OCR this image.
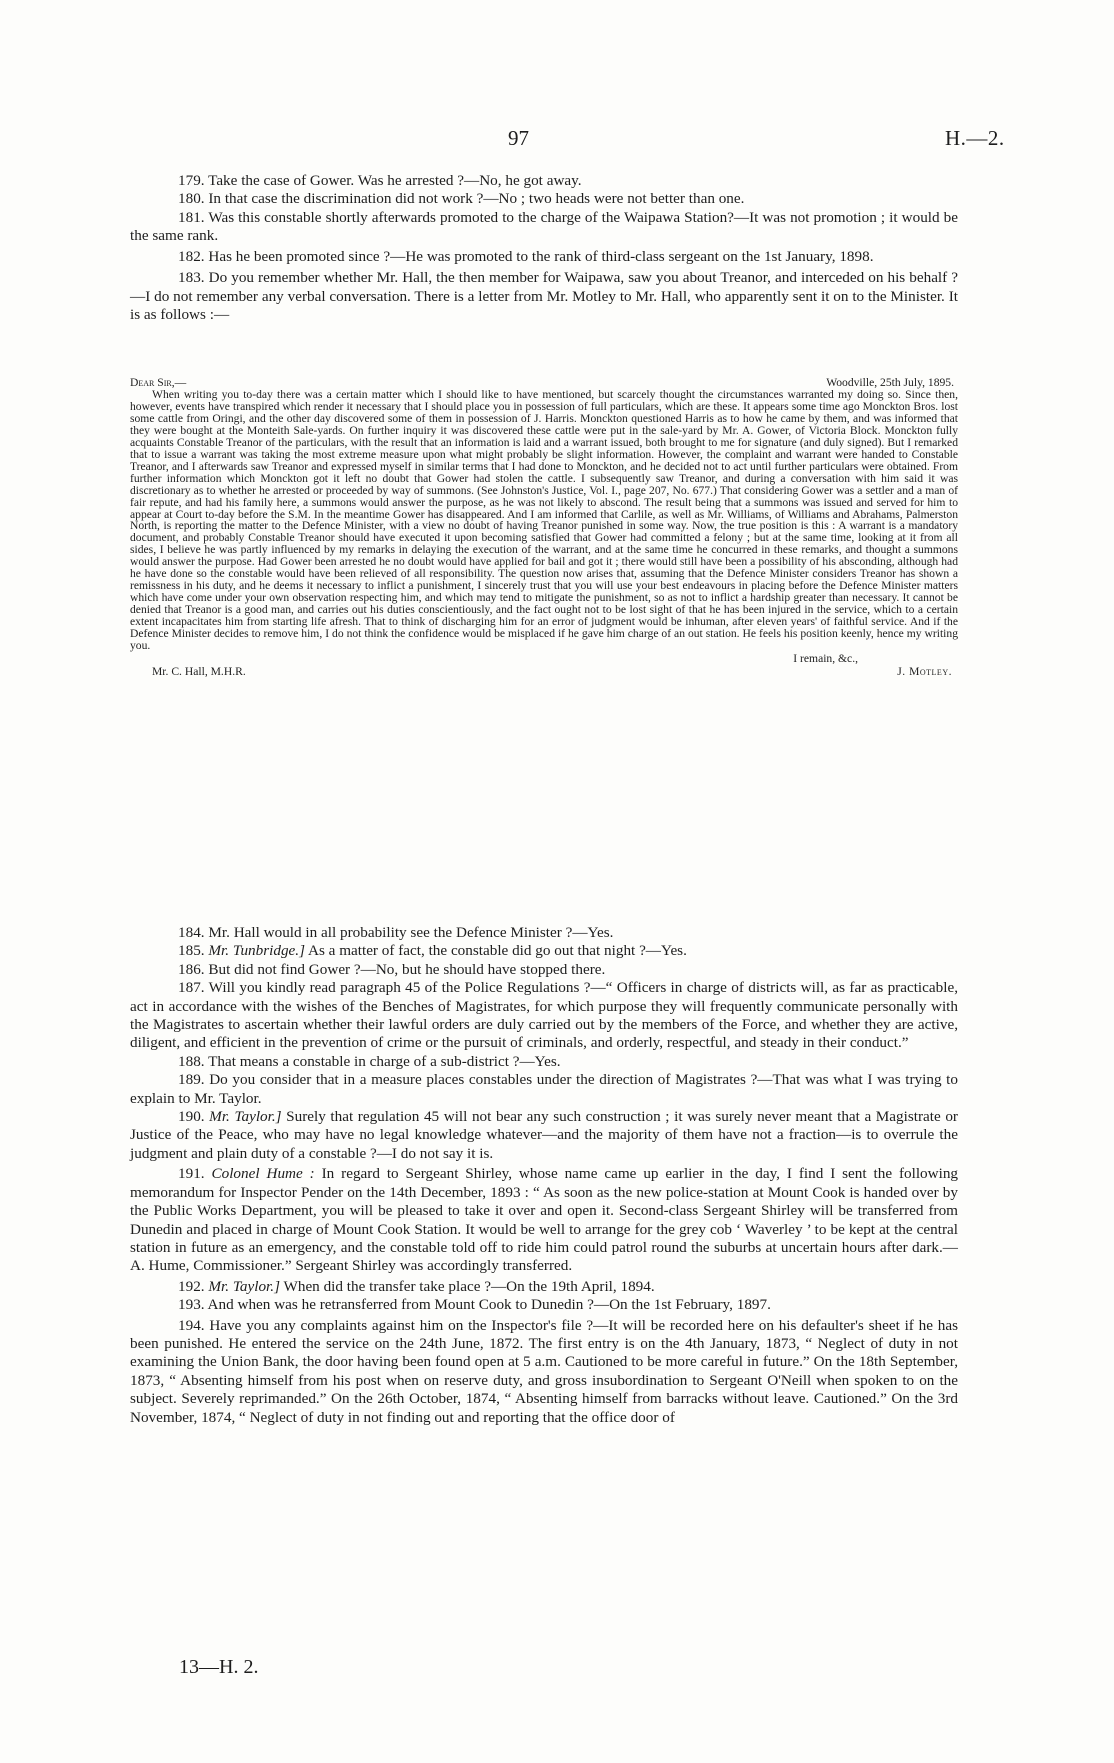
97	H.—2.

179. Take the case of Gower. Was he arrested ?—No, he got away.

180. In that case the discrimination did not work ?—No ; two heads were not better than one.

181. Was this constable shortly afterwards promoted to the charge of the Waipawa Station?—It was not promotion ; it would be the same rank.

182. Has he been promoted since ?—He was promoted to the rank of third-class sergeant on the 1st January, 1898.

183. Do you remember whether Mr. Hall, the then member for Waipawa, saw you about Treanor, and interceded on his behalf ?—I do not remember any verbal conversation. There is a letter from Mr. Motley to Mr. Hall, who apparently sent it on to the Minister. It is as follows :—

Dear Sir,—	Woodville, 25th July, 1895.

When writing you to-day there was a certain matter which I should like to have mentioned, but scarcely thought the circumstances warranted my doing so. Since then, however, events have transpired which render it necessary that I should place you in possession of full particulars, which are these. It appears some time ago Monckton Bros. lost some cattle from Oringi, and the other day discovered some of them in possession of J. Harris. Monckton questioned Harris as to how he came by them, and was informed that they were bought at the Monteith Sale-yards. On further inquiry it was discovered these cattle were put in the sale-yard by Mr. A. Gower, of Victoria Block. Monckton fully acquaints Constable Treanor of the particulars, with the result that an information is laid and a warrant issued, both brought to me for signature (and duly signed). But I remarked that to issue a warrant was taking the most extreme measure upon what might probably be slight information. However, the complaint and warrant were handed to Constable Treanor, and I afterwards saw Treanor and expressed myself in similar terms that I had done to Monckton, and he decided not to act until further particulars were obtained. From further information which Monckton got it left no doubt that Gower had stolen the cattle. I subsequently saw Treanor, and during a conversation with him said it was discretionary as to whether he arrested or proceeded by way of summons. (See Johnston's Justice, Vol. I., page 207, No. 677.) That considering Gower was a settler and a man of fair repute, and had his family here, a summons would answer the purpose, as he was not likely to abscond. The result being that a summons was issued and served for him to appear at Court to-day before the S.M. In the meantime Gower has disappeared. And I am informed that Carlile, as well as Mr. Williams, of Williams and Abrahams, Palmerston North, is reporting the matter to the Defence Minister, with a view no doubt of having Treanor punished in some way. Now, the true position is this : A warrant is a mandatory document, and probably Constable Treanor should have executed it upon becoming satisfied that Gower had committed a felony ; but at the same time, looking at it from all sides, I believe he was partly influenced by my remarks in delaying the execution of the warrant, and at the same time he concurred in these remarks, and thought a summons would answer the purpose. Had Gower been arrested he no doubt would have applied for bail and got it ; there would still have been a possibility of his absconding, although had he have done so the constable would have been relieved of all responsibility. The question now arises that, assuming that the Defence Minister considers Treanor has shown a remissness in his duty, and he deems it necessary to inflict a punishment, I sincerely trust that you will use your best endeavours in placing before the Defence Minister matters which have come under your own observation respecting him, and which may tend to mitigate the punishment, so as not to inflict a hardship greater than necessary. It cannot be denied that Treanor is a good man, and carries out his duties conscientiously, and the fact ought not to be lost sight of that he has been injured in the service, which to a certain extent incapacitates him from starting life afresh. That to think of discharging him for an error of judgment would be inhuman, after eleven years' of faithful service. And if the Defence Minister decides to remove him, I do not think the confidence would be misplaced if he gave him charge of an out station. He feels his position keenly, hence my writing you.

I remain, &c.,
Mr. C. Hall, M.H.R.	J. Motley.

184. Mr. Hall would in all probability see the Defence Minister ?—Yes.

185. Mr. Tunbridge.] As a matter of fact, the constable did go out that night ?—Yes.

186. But did not find Gower ?—No, but he should have stopped there.

187. Will you kindly read paragraph 45 of the Police Regulations ?—“ Officers in charge of districts will, as far as practicable, act in accordance with the wishes of the Benches of Magistrates, for which purpose they will frequently communicate personally with the Magistrates to ascertain whether their lawful orders are duly carried out by the members of the Force, and whether they are active, diligent, and efficient in the prevention of crime or the pursuit of criminals, and orderly, respectful, and steady in their conduct.”

188. That means a constable in charge of a sub-district ?—Yes.

189. Do you consider that in a measure places constables under the direction of Magistrates ?—That was what I was trying to explain to Mr. Taylor.

190. Mr. Taylor.] Surely that regulation 45 will not bear any such construction ; it was surely never meant that a Magistrate or Justice of the Peace, who may have no legal knowledge whatever—and the majority of them have not a fraction—is to overrule the judgment and plain duty of a constable ?—I do not say it is.

191. Colonel Hume : In regard to Sergeant Shirley, whose name came up earlier in the day, I find I sent the following memorandum for Inspector Pender on the 14th December, 1893 : “ As soon as the new police-station at Mount Cook is handed over by the Public Works Department, you will be pleased to take it over and open it. Second-class Sergeant Shirley will be transferred from Dunedin and placed in charge of Mount Cook Station. It would be well to arrange for the grey cob ‘ Waverley ’ to be kept at the central station in future as an emergency, and the constable told off to ride him could patrol round the suburbs at uncertain hours after dark.—A. Hume, Commissioner.” Sergeant Shirley was accordingly transferred.

192. Mr. Taylor.] When did the transfer take place ?—On the 19th April, 1894.

193. And when was he retransferred from Mount Cook to Dunedin ?—On the 1st February, 1897.

194. Have you any complaints against him on the Inspector's file ?—It will be recorded here on his defaulter's sheet if he has been punished. He entered the service on the 24th June, 1872. The first entry is on the 4th January, 1873, “ Neglect of duty in not examining the Union Bank, the door having been found open at 5 a.m. Cautioned to be more careful in future.” On the 18th September, 1873, “ Absenting himself from his post when on reserve duty, and gross insubordination to Sergeant O'Neill when spoken to on the subject. Severely reprimanded.” On the 26th October, 1874, “ Absenting himself from barracks without leave. Cautioned.” On the 3rd November, 1874, “ Neglect of duty in not finding out and reporting that the office door of

13—H. 2.
